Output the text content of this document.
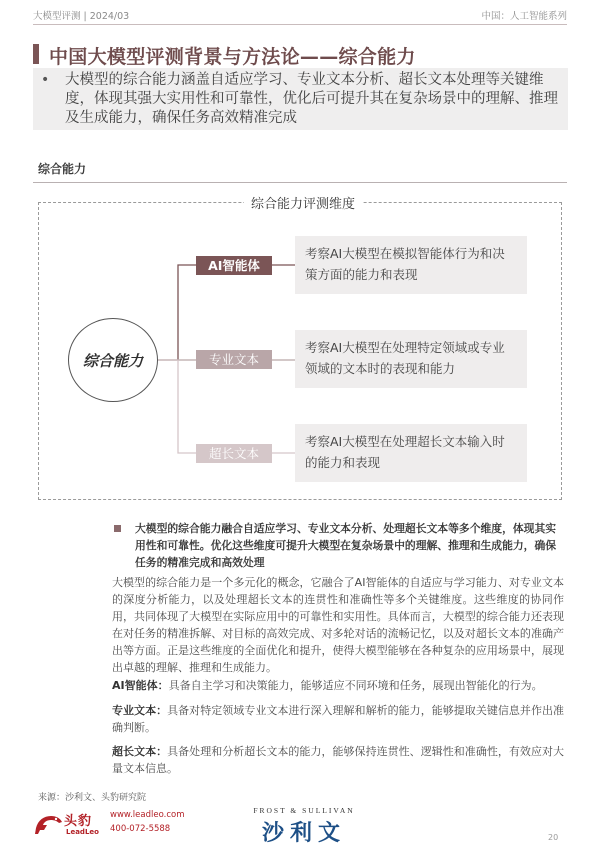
大模型评测 | 2024/03	中国：人工智能系列
中国大模型评测背景与方法论——综合能力
• 大模型的综合能力涵盖自适应学习、专业文本分析、超长文本处理等关键维度，体现其强大实用性和可靠性，优化后可提升其在复杂场景中的理解、推理及生成能力，确保任务高效精准完成
综合能力
综合能力评测维度
综合能力
AI智能体
专业文本
超长文本
考察AI大模型在模拟智能体行为和决策方面的能力和表现
考察AI大模型在处理特定领域或专业领域的文本时的表现和能力
考察AI大模型在处理超长文本输入时的能力和表现
大模型的综合能力融合自适应学习、专业文本分析、处理超长文本等多个维度，体现其实用性和可靠性。优化这些维度可提升大模型在复杂场景中的理解、推理和生成能力，确保任务的精准完成和高效处理
大模型的综合能力是一个多元化的概念，它融合了AI智能体的自适应与学习能力、对专业文本的深度分析能力，以及处理超长文本的连贯性和准确性等多个关键维度。这些维度的协同作用，共同体现了大模型在实际应用中的可靠性和实用性。具体而言，大模型的综合能力还表现在对任务的精准拆解、对目标的高效完成、对多轮对话的流畅记忆，以及对超长文本的准确产出等方面。正是这些维度的全面优化和提升，使得大模型能够在各种复杂的应用场景中，展现出卓越的理解、推理和生成能力。
AI智能体：具备自主学习和决策能力，能够适应不同环境和任务，展现出智能化的行为。
专业文本：具备对特定领域专业文本进行深入理解和解析的能力，能够提取关键信息并作出准确判断。
超长文本：具备处理和分析超长文本的能力，能够保持连贯性、逻辑性和准确性，有效应对大量文本信息。
来源：沙利文、头豹研究院
头豹
LeadLeo
www.leadleo.com
400-072-5588
FROST & SULLIVAN
沙利文	20
